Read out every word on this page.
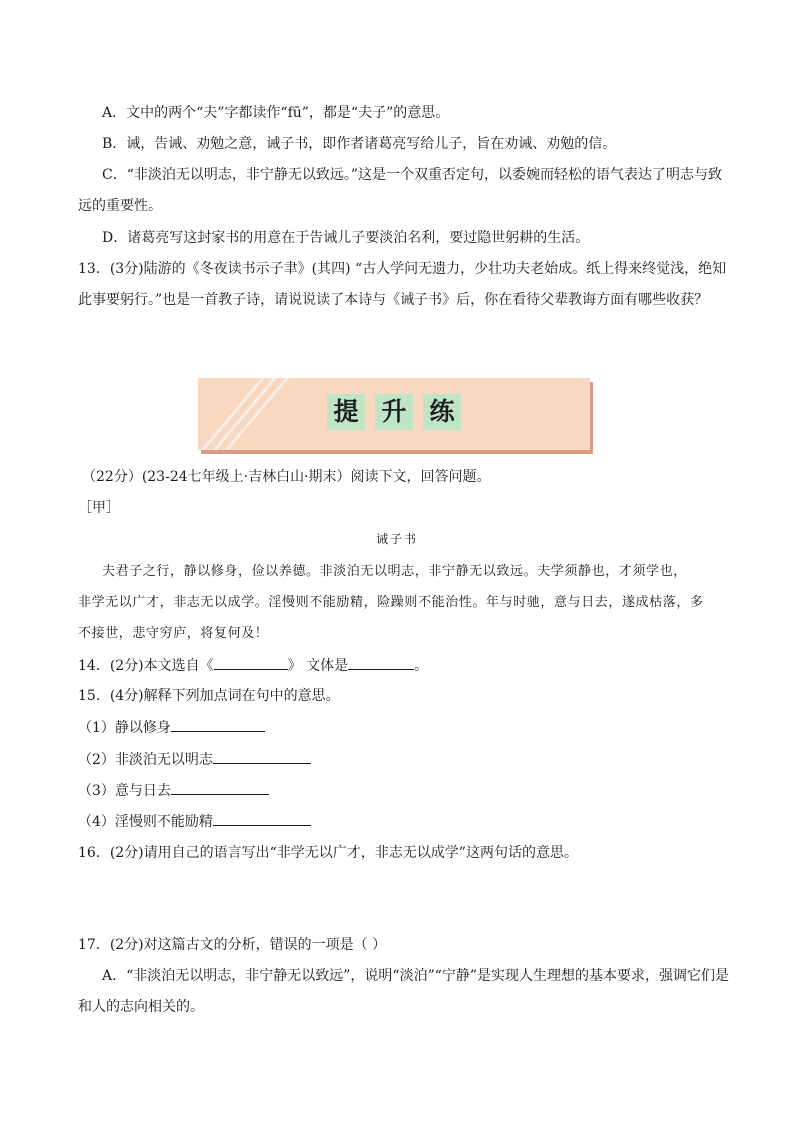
A．文中的两个“夫”字都读作“fū”，都是“夫子”的意思。
B．诫，告诫、劝勉之意，诫子书，即作者诸葛亮写给儿子，旨在劝诫、劝勉的信。
C．“非淡泊无以明志，非宁静无以致远。”这是一个双重否定句，以委婉而轻松的语气表达了明志与致
远的重要性。
D．诸葛亮写这封家书的用意在于告诫儿子要淡泊名利，要过隐世躬耕的生活。
13．(3分)陆游的《冬夜读书示子聿》(其四) “古人学问无遗力，少壮功夫老始成。纸上得来终觉浅，绝知
此事要躬行。”也是一首教子诗，请说说读了本诗与《诫子书》后，你在看待父辈教诲方面有哪些收获？
提 升 练
（22分）(23-24七年级上·吉林白山·期末）阅读下文，回答问题。
［甲］
诫子书
夫君子之行，静以修身，俭以养德。非淡泊无以明志，非宁静无以致远。夫学须静也，才须学也，
非学无以广才，非志无以成学。淫慢则不能励精，险躁则不能治性。年与时驰，意与日去，遂成枯落，多
不接世，悲守穷庐，将复何及！
14．(2分)本文选自《	》 文体是	。
15．(4分)解释下列加点词在句中的意思。
（1）静以修身
（2）非淡泊无以明志
（3）意与日去
（4）淫慢则不能励精
16．(2分)请用自己的语言写出“非学无以广才，非志无以成学”这两句话的意思。
17．(2分)对这篇古文的分析，错误的一项是（ ）
A．“非淡泊无以明志，非宁静无以致远”，说明“淡泊”“宁静”是实现人生理想的基本要求，强调它们是
和人的志向相关的。
